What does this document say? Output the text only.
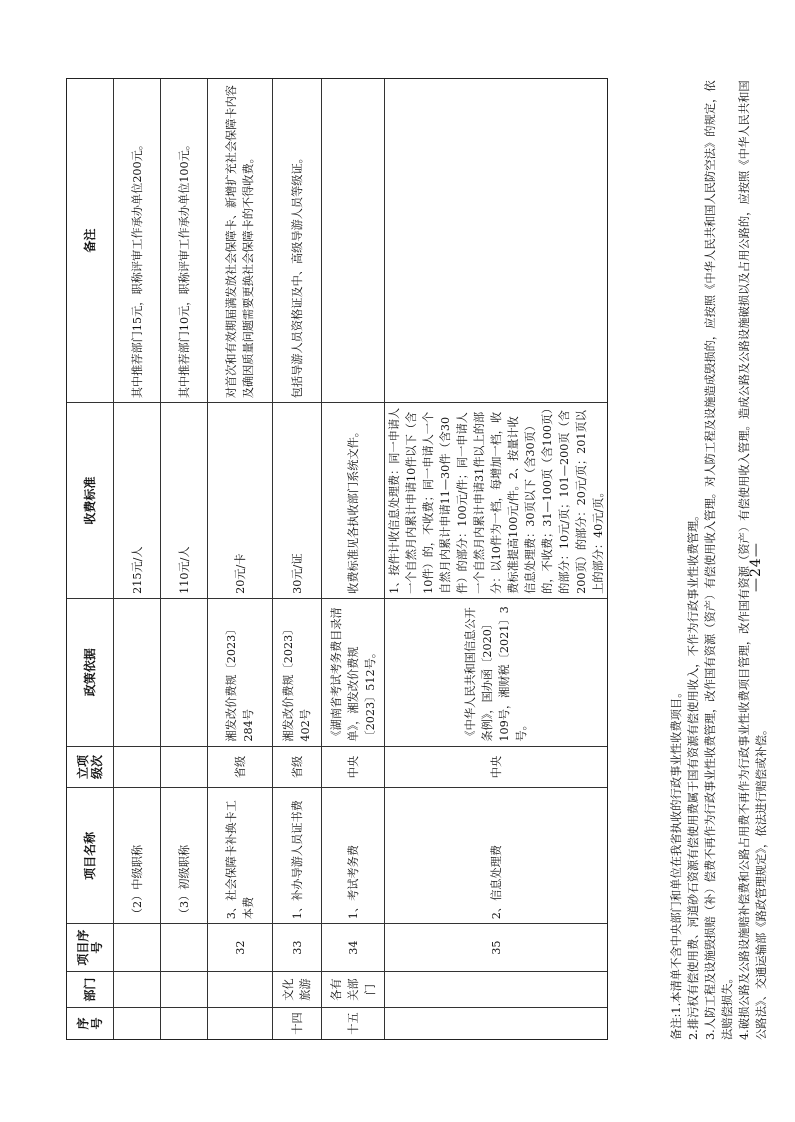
序号
部门
项目序号
项目名称
立项级次
政策依据
收费标准
备注
（2）中级职称
215元/人
其中推荐部门15元，职称评审工作承办单位200元。
（3）初级职称
110元/人
其中推荐部门10元，职称评审工作承办单位100元。
32
3、社会保障卡补换卡工本费
省级
湘发改价费规〔2023〕284号
20元/卡
对首次和有效期届满发放社会保障卡、新增扩充社会保障卡内容及确因质量问题需要更换社会保障卡的不得收费。
十四
文化旅游
33
1、补办导游人员证书费
省级
湘发改价费规〔2023〕402号
30元/证
包括导游人员资格证及中、高级导游人员等级证。
十五
各有关部门
34
1、考试考务费
中央
《湖南省考试考务费目录清单》，湘发改价费规〔2023〕512号。
收费标准见各执收部门系统文件。
35
2、信息处理费
中央
《中华人民共和国信息公开条例》，国办函〔2020〕109号，湘财税〔2021〕3号。
1、按件计收信息处理费：同一申请人一个自然月内累计申请10件以下（含10件）的，不收费；同一申请人一个自然月内累计申请11—30件（含30件）的部分：100元/件；同一申请人一个自然月内累计申请31件以上的部分：以10件为一档，每增加一档，收费标准提高100元/件。2、按量计收信息处理费：30页以下（含30页）的，不收费；31—100页（含100页）的部分：10元/页；101—200页（含200页）的部分：20元/页；201页以上的部分：40元/页。

备注:1.本清单不含中央部门和单位在我省执收的行政事业性收费项目。 2.排污权有偿使用费、河道砂石资源有偿使用费属于国有资源有偿使用收入，不作为行政事业性收费管理。 3.人防工程及设施毁损赔（补）偿费不再作为行政事业性收费管理，改作国有资源（资产）有偿使用收入管理。对人防工程及设施造成毁损的，应按照《中华人民共和国人民防空法》的规定，依法赔偿损失。 4.破损公路及公路设施赔补偿费和公路占用费不再作为行政事业性收费项目管理，改作国有资源（资产）有偿使用收入管理。造成公路及公路设施破损以及占用公路的，应按照《中华人民共和国公路法》、交通运输部《路政管理规定》，依法进行赔偿或补偿。

—24—
